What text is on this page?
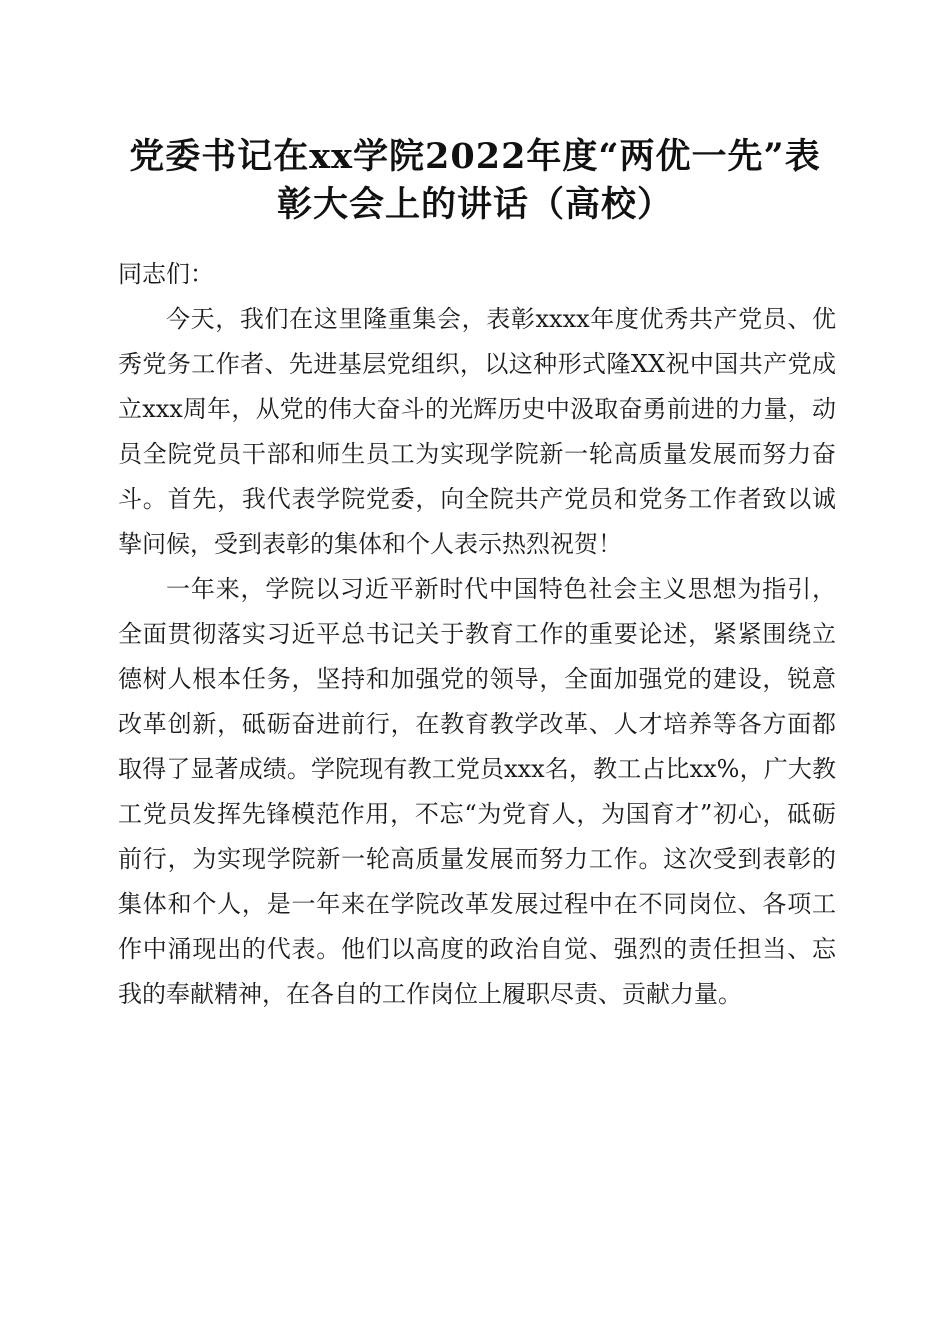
党委书记在xx学院2022年度“两优一先”表
彰大会上的讲话（高校）

同志们：

今天，我们在这里隆重集会，表彰xxxx年度优秀共产党员、优秀党务工作者、先进基层党组织，以这种形式隆XX祝中国共产党成立xxx周年，从党的伟大奋斗的光辉历史中汲取奋勇前进的力量，动员全院党员干部和师生员工为实现学院新一轮高质量发展而努力奋斗。首先，我代表学院党委，向全院共产党员和党务工作者致以诚挚问候，受到表彰的集体和个人表示热烈祝贺！

一年来，学院以习近平新时代中国特色社会主义思想为指引，全面贯彻落实习近平总书记关于教育工作的重要论述，紧紧围绕立德树人根本任务，坚持和加强党的领导，全面加强党的建设，锐意改革创新，砥砺奋进前行，在教育教学改革、人才培养等各方面都取得了显著成绩。学院现有教工党员xxx名，教工占比xx%，广大教工党员发挥先锋模范作用，不忘“为党育人，为国育才”初心，砥砺前行，为实现学院新一轮高质量发展而努力工作。这次受到表彰的集体和个人，是一年来在学院改革发展过程中在不同岗位、各项工作中涌现出的代表。他们以高度的政治自觉、强烈的责任担当、忘我的奉献精神，在各自的工作岗位上履职尽责、贡献力量。
